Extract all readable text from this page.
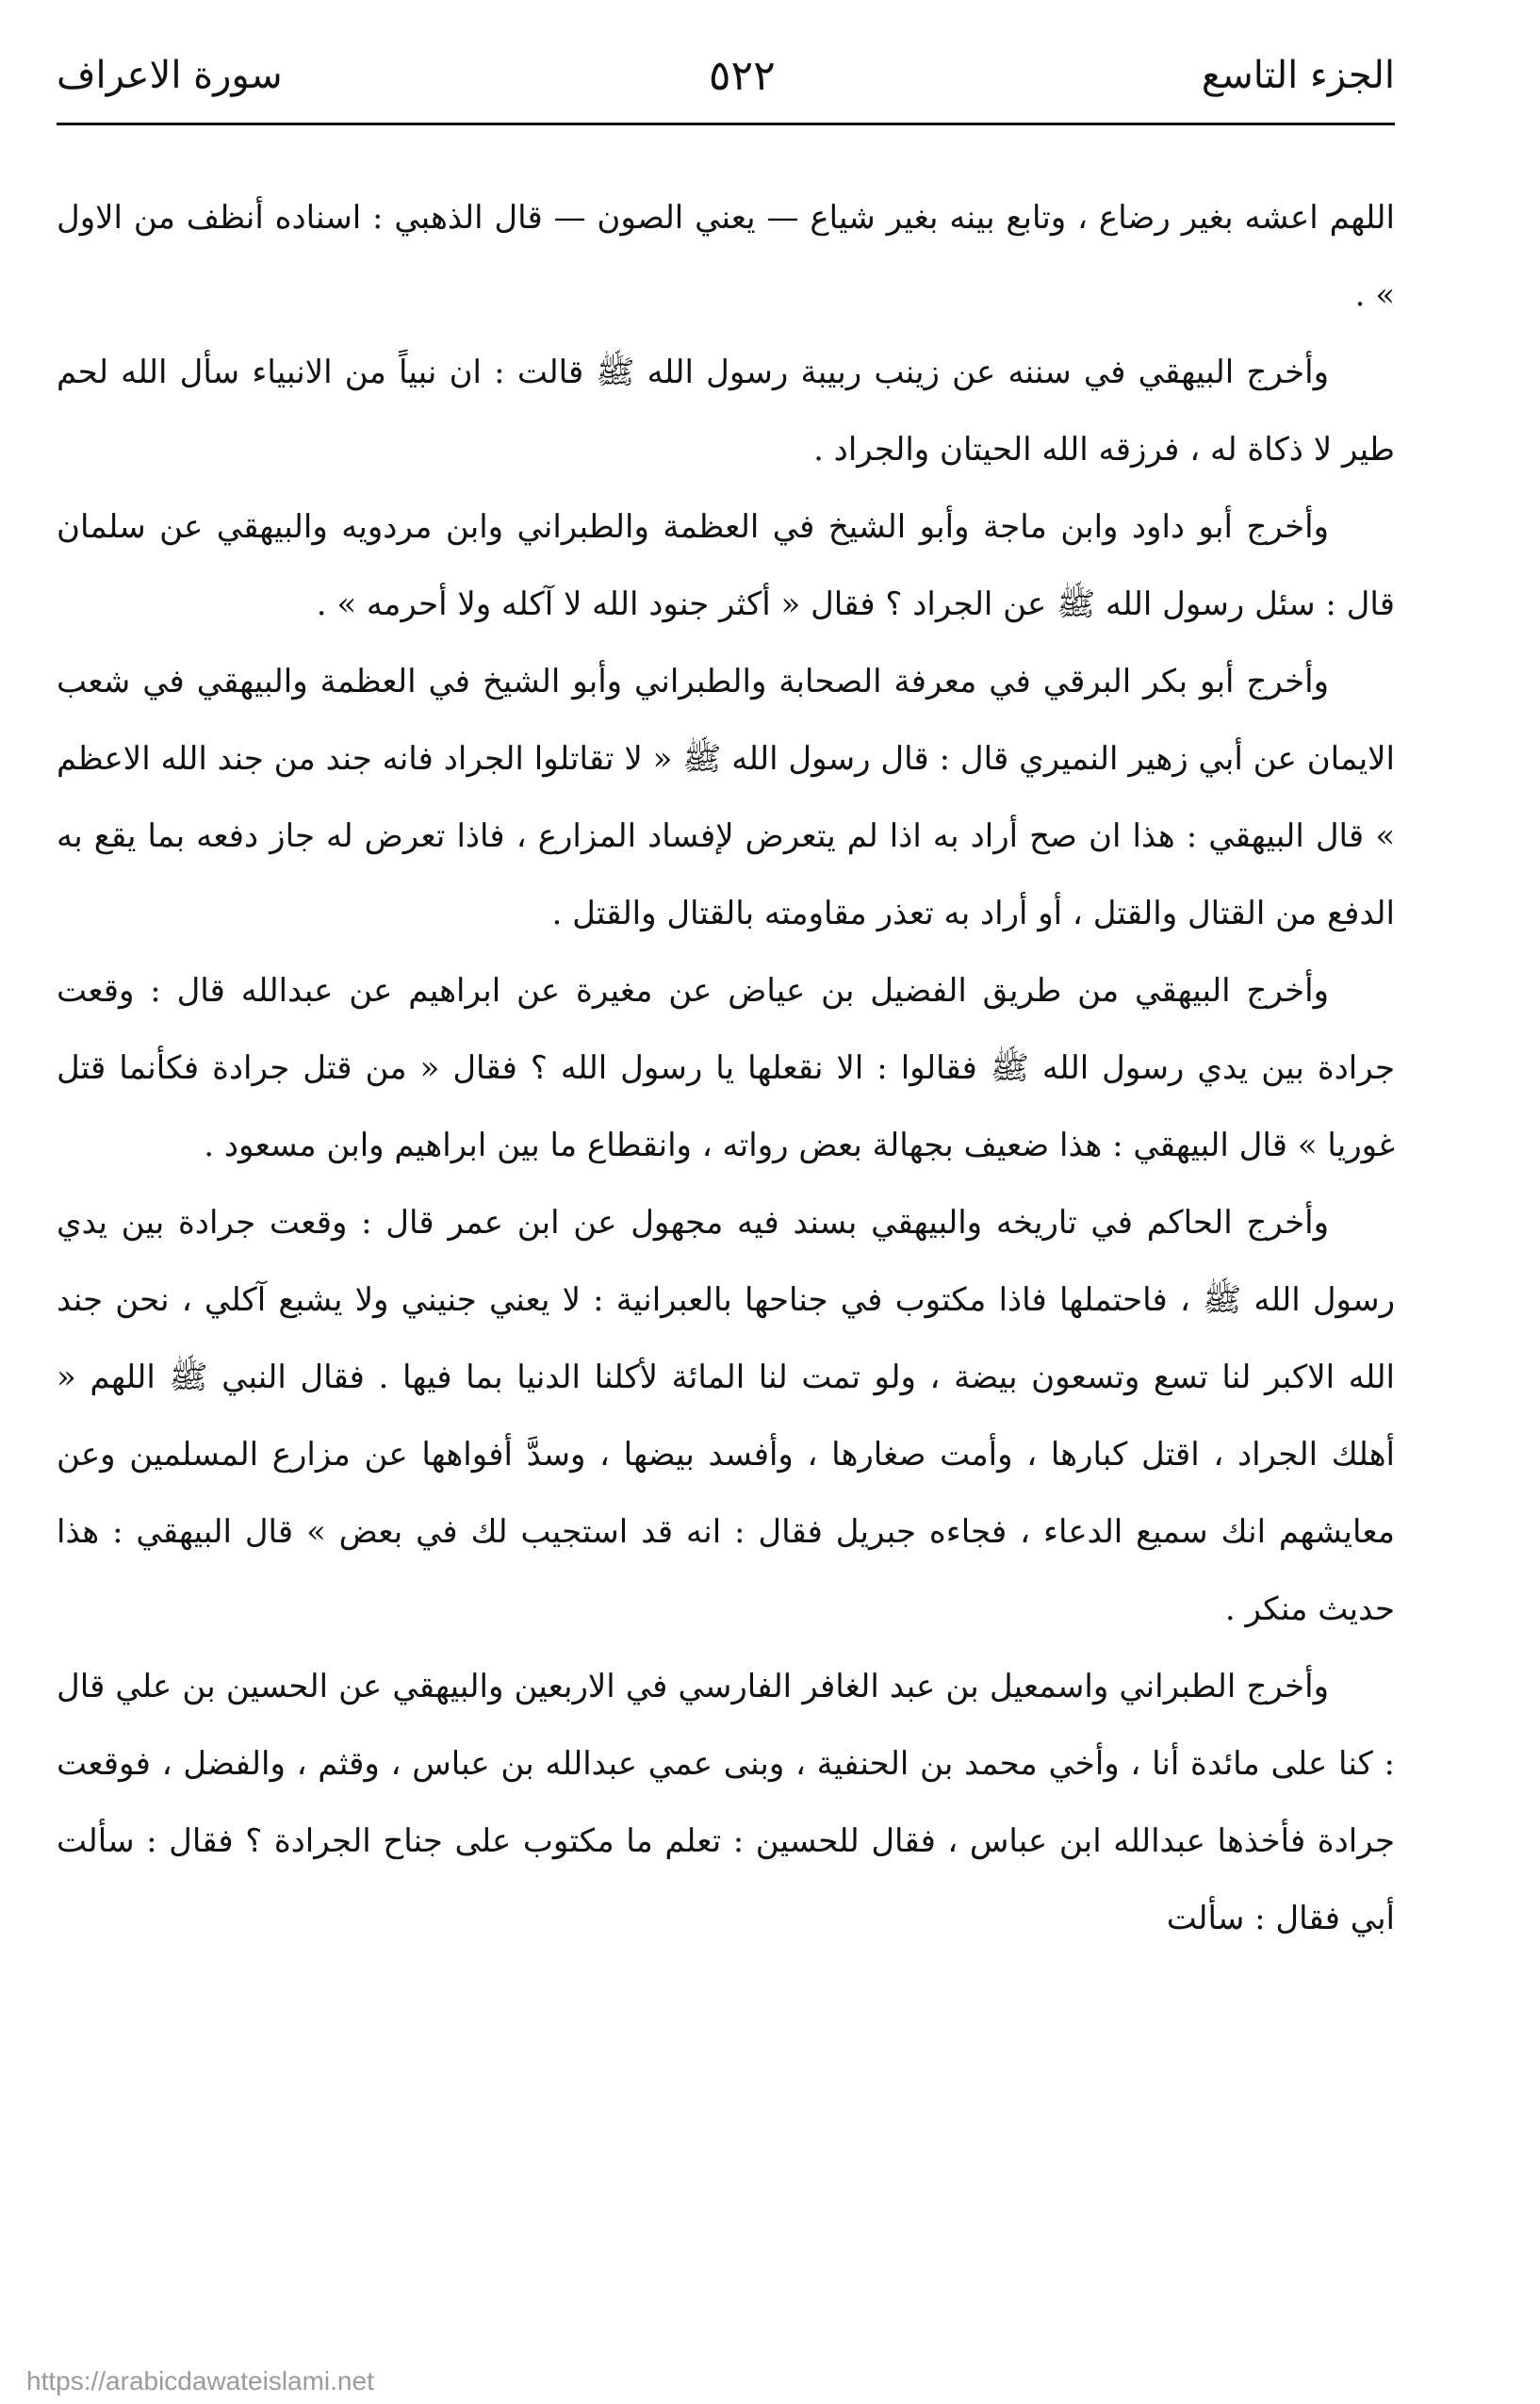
الجزء التاسع
٥٢٢
سورة الاعراف

اللهم اعشه بغير رضاع ، وتابع بينه بغير شياع — يعني الصون — قال الذهبي : اسناده أنظف من الاول » .

وأخرج البيهقي في سننه عن زينب ربيبة رسول الله ﷺ قالت : ان نبياً من الانبياء سأل الله لحم طير لا ذكاة له ، فرزقه الله الحيتان والجراد .

وأخرج أبو داود وابن ماجة وأبو الشيخ في العظمة والطبراني وابن مردويه والبيهقي عن سلمان قال : سئل رسول الله ﷺ عن الجراد ؟ فقال « أكثر جنود الله لا آكله ولا أحرمه » .

وأخرج أبو بكر البرقي في معرفة الصحابة والطبراني وأبو الشيخ في العظمة والبيهقي في شعب الايمان عن أبي زهير النميري قال : قال رسول الله ﷺ « لا تقاتلوا الجراد فانه جند من جند الله الاعظم » قال البيهقي : هذا ان صح أراد به اذا لم يتعرض لإفساد المزارع ، فاذا تعرض له جاز دفعه بما يقع به الدفع من القتال والقتل ، أو أراد به تعذر مقاومته بالقتال والقتل .

وأخرج البيهقي من طريق الفضيل بن عياض عن مغيرة عن ابراهيم عن عبدالله قال : وقعت جرادة بين يدي رسول الله ﷺ فقالوا : الا نقعلها يا رسول الله ؟ فقال « من قتل جرادة فكأنما قتل غوريا » قال البيهقي : هذا ضعيف بجهالة بعض رواته ، وانقطاع ما بين ابراهيم وابن مسعود .

وأخرج الحاكم في تاريخه والبيهقي بسند فيه مجهول عن ابن عمر قال : وقعت جرادة بين يدي رسول الله ﷺ ، فاحتملها فاذا مكتوب في جناحها بالعبرانية : لا يعني جنيني ولا يشبع آكلي ، نحن جند الله الاكبر لنا تسع وتسعون بيضة ، ولو تمت لنا المائة لأكلنا الدنيا بما فيها . فقال النبي ﷺ اللهم « أهلك الجراد ، اقتل كبارها ، وأمت صغارها ، وأفسد بيضها ، وسدَّ أفواهها عن مزارع المسلمين وعن معايشهم انك سميع الدعاء ، فجاءه جبريل فقال : انه قد استجيب لك في بعض » قال البيهقي : هذا حديث منكر .

وأخرج الطبراني واسمعيل بن عبد الغافر الفارسي في الاربعين والبيهقي عن الحسين بن علي قال : كنا على مائدة أنا ، وأخي محمد بن الحنفية ، وبنى عمي عبدالله بن عباس ، وقثم ، والفضل ، فوقعت جرادة فأخذها عبدالله ابن عباس ، فقال للحسين : تعلم ما مكتوب على جناح الجرادة ؟ فقال : سألت أبي فقال : سألت

https://arabicdawateislami.net
